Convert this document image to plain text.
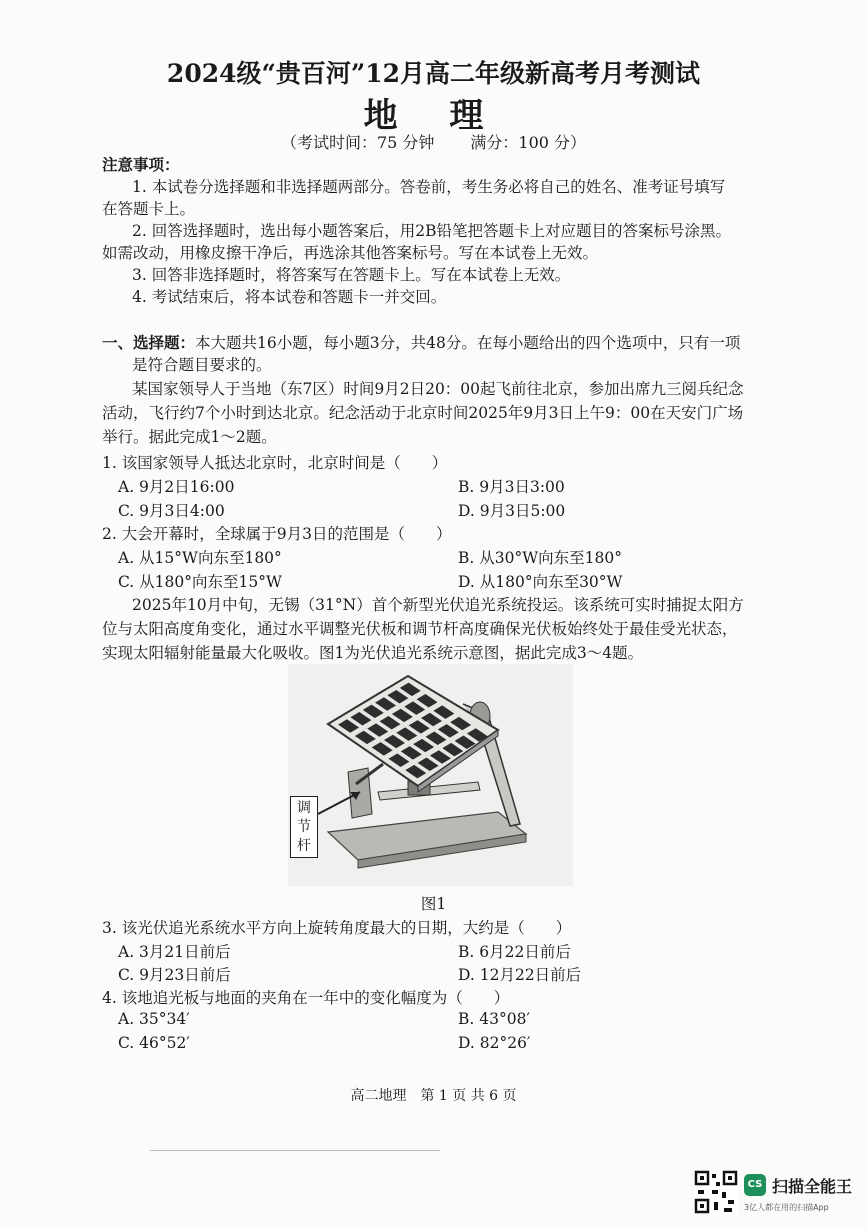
2024级“贵百河”12月高二年级新高考月考测试
地 理
（考试时间：75 分钟 满分：100 分）
注意事项：
1. 本试卷分选择题和非选择题两部分。答卷前，考生务必将自己的姓名、准考证号填写
在答题卡上。
2. 回答选择题时，选出每小题答案后，用2B铅笔把答题卡上对应题目的答案标号涂黑。
如需改动，用橡皮擦干净后，再选涂其他答案标号。写在本试卷上无效。
3. 回答非选择题时，将答案写在答题卡上。写在本试卷上无效。
4. 考试结束后，将本试卷和答题卡一并交回。
一、选择题：本大题共16小题，每小题3分，共48分。在每小题给出的四个选项中，只有一项
是符合题目要求的。
某国家领导人于当地（东7区）时间9月2日20：00起飞前往北京，参加出席九三阅兵纪念
活动，飞行约7个小时到达北京。纪念活动于北京时间2025年9月3日上午9：00在天安门广场
举行。据此完成1～2题。
1. 该国家领导人抵达北京时，北京时间是（　　）
A. 9月2日16:00	B. 9月3日3:00
C. 9月3日4:00	D. 9月3日5:00
2. 大会开幕时，全球属于9月3日的范围是（　　）
A. 从15°W向东至180°	B. 从30°W向东至180°
C. 从180°向东至15°W	D. 从180°向东至30°W
2025年10月中旬，无锡（31°N）首个新型光伏追光系统投运。该系统可实时捕捉太阳方
位与太阳高度角变化，通过水平调整光伏板和调节杆高度确保光伏板始终处于最佳受光状态，
实现太阳辐射能量最大化吸收。图1为光伏追光系统示意图，据此完成3～4题。
调
节
杆
图1
3. 该光伏追光系统水平方向上旋转角度最大的日期，大约是（　　）
A. 3月21日前后	B. 6月22日前后
C. 9月23日前后	D. 12月22日前后
4. 该地追光板与地面的夹角在一年中的变化幅度为（　　）
A. 35°34′	B. 43°08′
C. 46°52′	D. 82°26′
高二地理　第 1 页 共 6 页
CS 扫描全能王
3亿人都在用的扫描App
